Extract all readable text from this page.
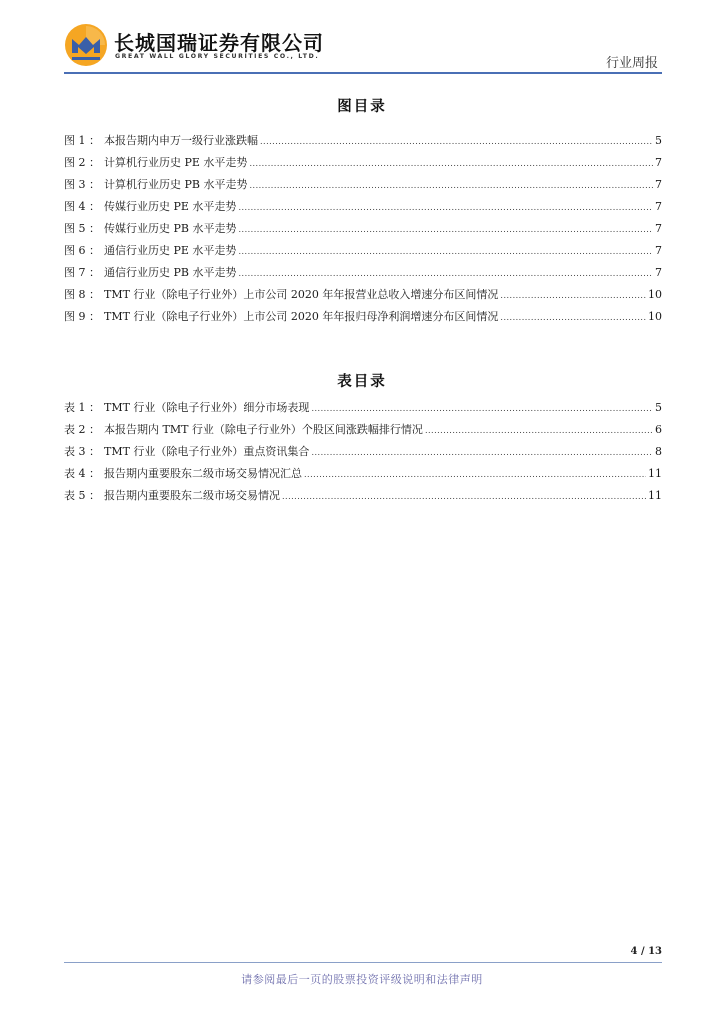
长城国瑞证券有限公司
GREAT WALL GLORY SECURITIES CO., LTD.	行业周报
图目录
图 1 ： 本报告期内申万一级行业涨跌幅 .....	5
图 2 ： 计算机行业历史 PE 水平走势 .....	7
图 3 ： 计算机行业历史 PB 水平走势 .....	7
图 4 ： 传媒行业历史 PE 水平走势 .....	7
图 5 ： 传媒行业历史 PB 水平走势 .....	7
图 6 ： 通信行业历史 PE 水平走势 .....	7
图 7 ： 通信行业历史 PB 水平走势 .....	7
图 8 ： TMT 行业（除电子行业外）上市公司 2020 年年报营业总收入增速分布区间情况 .....	10
图 9 ： TMT 行业（除电子行业外）上市公司 2020 年年报归母净利润增速分布区间情况 .....	10
表目录
表 1 ： TMT 行业（除电子行业外）细分市场表现 .....	5
表 2 ： 本报告期内 TMT 行业（除电子行业外）个股区间涨跌幅排行情况 .....	6
表 3 ： TMT 行业（除电子行业外）重点资讯集合 .....	8
表 4 ： 报告期内重要股东二级市场交易情况汇总 .....	11
表 5 ： 报告期内重要股东二级市场交易情况 .....	11
4 / 13
请参阅最后一页的股票投资评级说明和法律声明
